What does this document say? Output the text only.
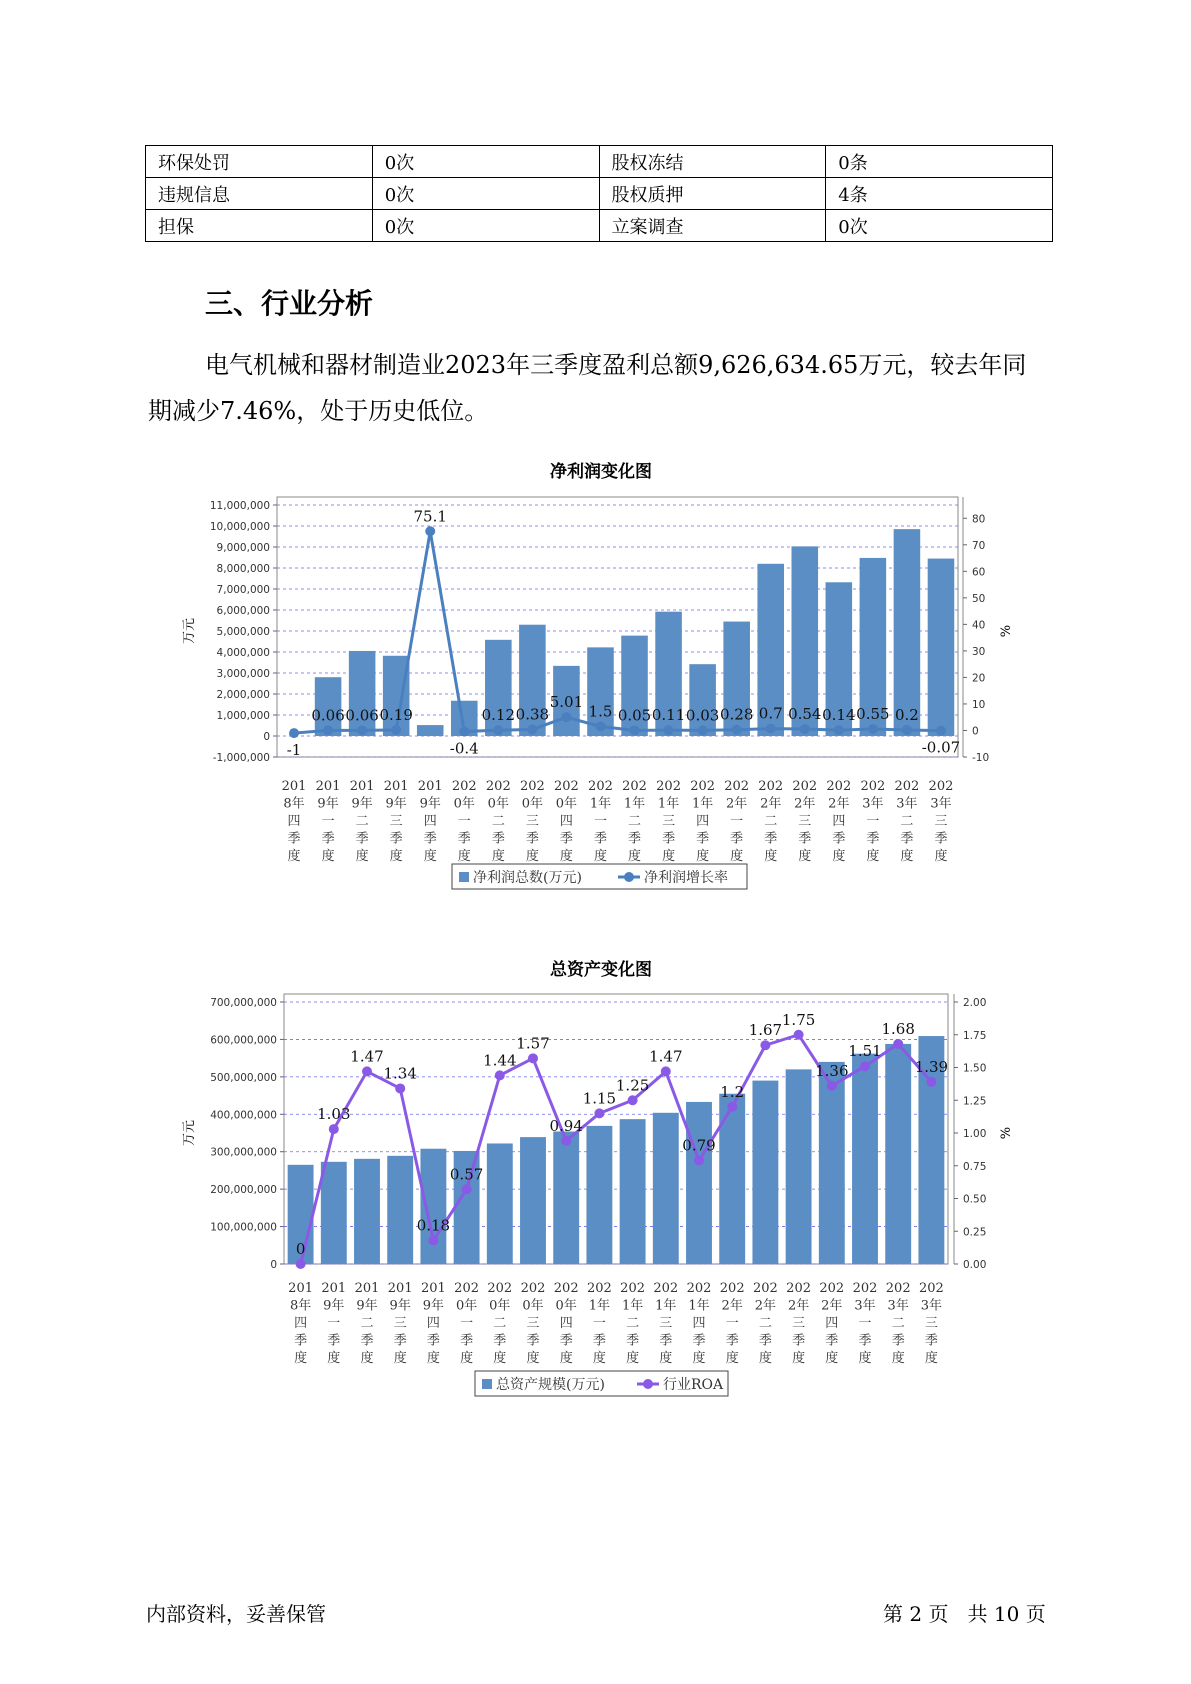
环保处罚	0次	股权冻结	0条
违规信息	0次	股权质押	4条
担保	0次	立案调查	0次
三、行业分析

电气机械和器材制造业2023年三季度盈利总额9,626,634.65万元，较去年同期减少7.46%，处于历史低位。

净利润变化图
-1,000,000
0
1,000,000
2,000,000
3,000,000
4,000,000
5,000,000
6,000,000
7,000,000
8,000,000
9,000,000
10,000,000
11,000,000
-10
0
10
20
30
40
50
60
70
80
万元	%
-1
0.06 0.06 0.19
75.1
-0.4
0.12 0.38
5.01
1.5 0.05 0.11 0.03 0.28 0.7 0.54 0.14 0.55 0.2
-0.07
201 8年四季度
201 9年一季度
201 9年二季度
201 9年三季度
201 9年四季度
202 0年一季度
202 0年二季度
202 0年三季度
202 0年四季度
202 1年一季度
202 1年二季度
202 1年三季度
202 1年四季度
202 2年一季度
202 2年二季度
202 2年三季度
202 2年四季度
202 3年一季度
202 3年二季度
202 3年三季度
净利润总数(万元)	净利润增长率
总资产变化图
0
100,000,000
200,000,000
300,000,000
400,000,000
500,000,000
600,000,000
700,000,000
0.00
0.25
0.50
0.75
1.00
1.25
1.50
1.75
2.00
万元	%
0
1.03
1.47
1.34
0.18
0.57
1.44
1.57
0.94
1.15
1.25
1.47
0.79
1.2
1.67
1.75
1.36
1.51
1.68
1.39
201 8年四季度
201 9年一季度
201 9年二季度
201 9年三季度
201 9年四季度
202 0年一季度
202 0年二季度
202 0年三季度
202 0年四季度
202 1年一季度
202 1年二季度
202 1年三季度
202 1年四季度
202 2年一季度
202 2年二季度
202 2年三季度
202 2年四季度
202 3年一季度
202 3年二季度
202 3年三季度
总资产规模(万元)	行业ROA
内部资料，妥善保管	第 2 页 共 10 页
